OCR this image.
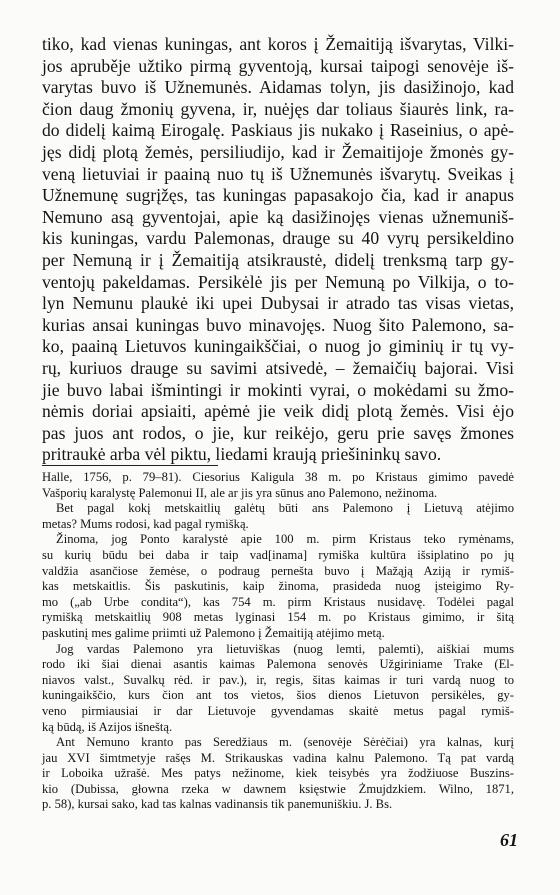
tiko, kad vienas kuningas, ant koros į Žemaitiją išvarytas, Vilki-
jos apruběje užtiko pirmą gyventoją, kursai taipogi senovėje iš-
varytas buvo iš Užnemunės. Aidamas tolyn, jis dasižinojo, kad
čion daug žmonių gyvena, ir, nuėjęs dar toliaus šiaurės link, ra-
do didelį kaimą Eirogalę. Paskiaus jis nukako į Raseinius, o apė-
jęs didį plotą žemės, persiliudijo, kad ir Žemaitijoje žmonės gy-
veną lietuviai ir paainą nuo tų iš Užnemunės išvarytų. Sveikas į
Užnemunę sugrįžęs, tas kuningas papasakojo čia, kad ir anapus
Nemuno asą gyventojai, apie ką dasižinojęs vienas užnemuniš-
kis kuningas, vardu Palemonas, drauge su 40 vyrų persikeldino
per Nemuną ir į Žemaitiją atsikraustė, didelį trenksmą tarp gy-
ventojų pakeldamas. Persikėlė jis per Nemuną po Vilkija, o to-
lyn Nemunu plaukė iki upei Dubysai ir atrado tas visas vietas,
kurias ansai kuningas buvo minavojęs. Nuog šito Palemono, sa-
ko, paainą Lietuvos kuningaikščiai, o nuog jo giminių ir tų vy-
rų, kuriuos drauge su savimi atsivedė, – žemaičių bajorai. Visi
jie buvo labai išmintingi ir mokinti vyrai, o mokėdami su žmo-
nėmis doriai apsiaiti, apėmė jie veik didį plotą žemės. Visi ėjo
pas juos ant rodos, o jie, kur reikėjo, geru prie savęs žmones
pritraukė arba vėl piktu, liedami kraują priešininkų savo.
Halle, 1756, p. 79–81). Ciesorius Kaligula 38 m. po Kristaus gimimo pavedė
Vašporių karalystę Palemonui II, ale ar jis yra sūnus ano Palemono, nežinoma.
Bet pagal kokį metskaitlių galėtų būti ans Palemono į Lietuvą atėjimo
metas? Mums rodosi, kad pagal rymišką.
Žinoma, jog Ponto karalystė apie 100 m. pirm Kristaus teko rymėnams,
su kurių būdu bei daba ir taip vad[inama] rymiška kultūra išsiplatino po jų
valdžia asančiose žemėse, o podraug pernešta buvo į Mažąją Aziją ir rymiš-
kas metskaitlis. Šis paskutinis, kaip žinoma, prasideda nuog įsteigimo Ry-
mo („ab Urbe condita“), kas 754 m. pirm Kristaus nusidavę. Todėlei pagal
rymišką metskaitlių 908 metas lyginasi 154 m. po Kristaus gimimo, ir šitą
paskutinį mes galime priimti už Palemono į Žemaitiją atėjimo metą.
Jog vardas Palemono yra lietuviškas (nuog lemti, palemti), aiškiai mums
rodo iki šiai dienai asantis kaimas Palemona senovės Užgiriniame Trake (El-
niavos valst., Suvalkų rėd. ir pav.), ir, regis, šitas kaimas ir turi vardą nuog to
kuningaikščio, kurs čion ant tos vietos, šios dienos Lietuvon persikėles, gy-
veno pirmiausiai ir dar Lietuvoje gyvendamas skaitė metus pagal rymiš-
ką būdą, iš Azijos išneštą.
Ant Nemuno kranto pas Seredžiaus m. (senovėje Sėrėčiai) yra kalnas, kurį
jau XVI šimtmetyje rašęs M. Strikauskas vadina kalnu Palemono. Tą pat vardą
ir Loboika užrašė. Mes patys nežinome, kiek teisybės yra žodžiuose Buszins-
kio (Dubissa, głowna rzeka w dawnem księstwie Żmujdzkiem. Wilno, 1871,
p. 58), kursai sako, kad tas kalnas vadinansis tik panemuniškiu. J. Bs.
61
